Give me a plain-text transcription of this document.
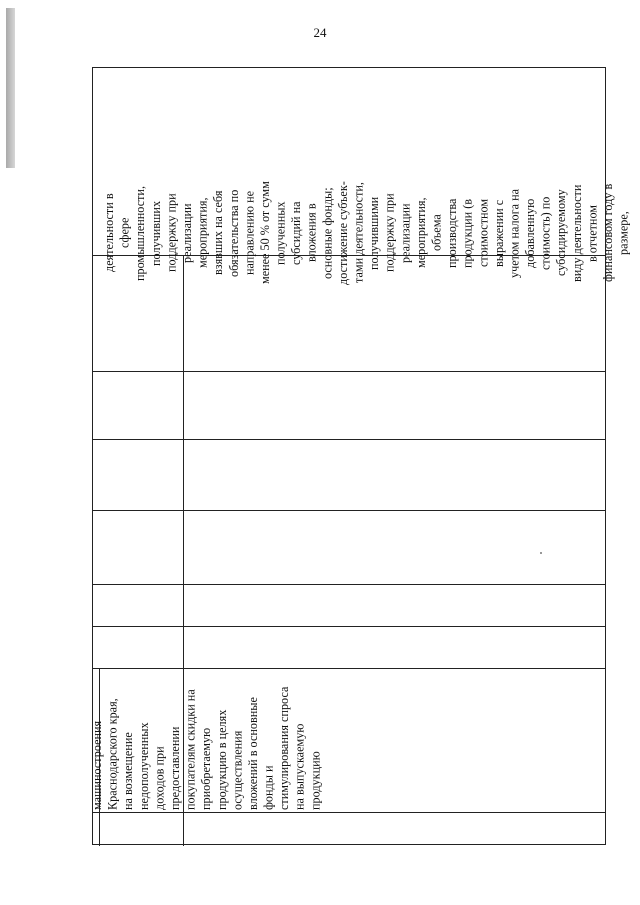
24
деятельности в сфере промышленности, получивших поддержку при реализации мероприятия, взявших на себя обязательства по направлению не менее 50 % от сумм полученных субсидий на вложения в основные фонды; достижение субъек- тами деятельности, получившими поддержку при реализации мероприятия, объема производства продукции (в стоимостном выражении с учетом налога на добавленную стоимость) по субсидируемому виду деятельности в отчетном финансовом году в размере,
машиностроения Краснодарского края, на возмещение недополученных доходов при предоставлении покупателям скидки на приобретаемую продукцию в целях осуществления вложений в основные фонды и стимулирования спроса на выпускаемую продукцию
